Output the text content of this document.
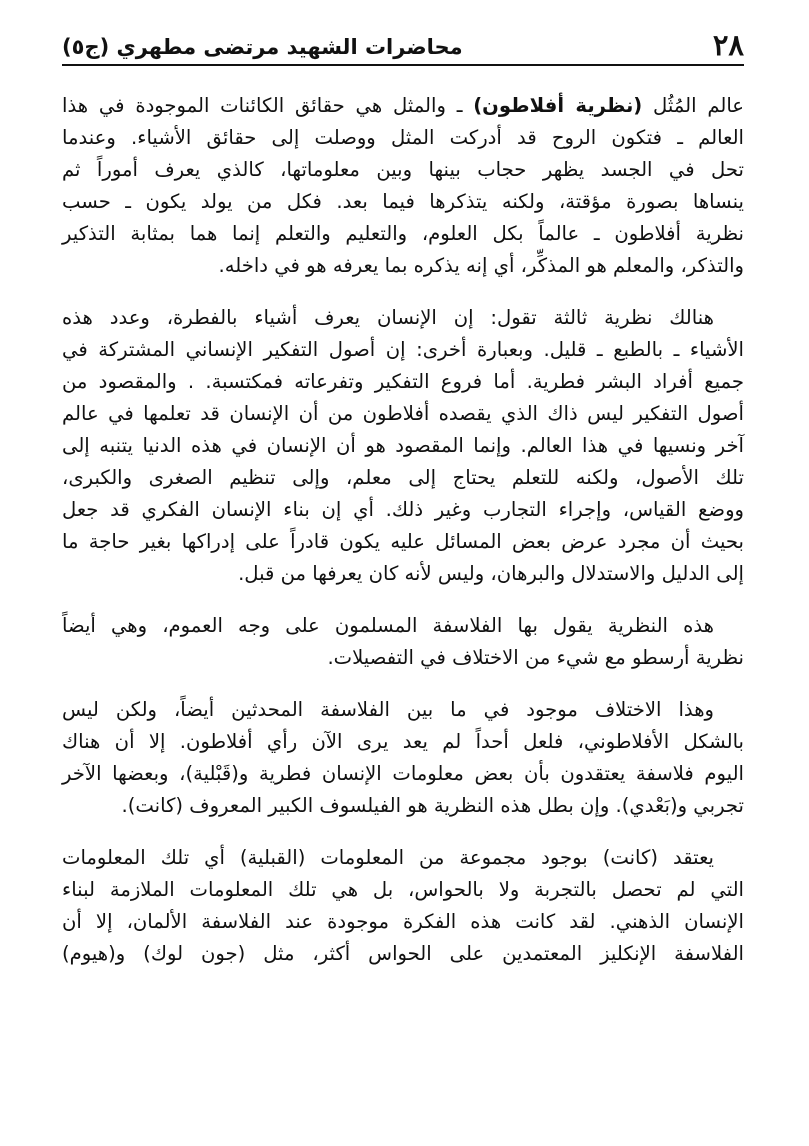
٢٨
محاضرات الشهيد مرتضى مطهري (ج٥)

عالم المُثُل (نظرية أفلاطون) ـ والمثل هي حقائق الكائنات الموجودة في هذا
العالم ـ فتكون الروح قد أدركت المثل ووصلت إلى حقائق الأشياء. وعندما
تحل في الجسد يظهر حجاب بينها وبين معلوماتها، كالذي يعرف أموراً ثم
ينساها بصورة مؤقتة، ولكنه يتذكرها فيما بعد. فكل من يولد يكون ـ حسب
نظرية أفلاطون ـ عالماً بكل العلوم، والتعليم والتعلم إنما هما بمثابة التذكير
والتذكر، والمعلم هو المذكِّر، أي إنه يذكره بما يعرفه هو في داخله.

هنالك نظرية ثالثة تقول: إن الإنسان يعرف أشياء بالفطرة، وعدد هذه
الأشياء ـ بالطبع ـ قليل. وبعبارة أخرى: إن أصول التفكير الإنساني المشتركة في
جميع أفراد البشر فطرية. أما فروع التفكير وتفرعاته فمكتسبة. . والمقصود من
أصول التفكير ليس ذاك الذي يقصده أفلاطون من أن الإنسان قد تعلمها في عالم
آخر ونسيها في هذا العالم. وإنما المقصود هو أن الإنسان في هذه الدنيا يتنبه إلى
تلك الأصول، ولكنه للتعلم يحتاج إلى معلم، وإلى تنظيم الصغرى والكبرى،
ووضع القياس، وإجراء التجارب وغير ذلك. أي إن بناء الإنسان الفكري قد جعل
بحيث أن مجرد عرض بعض المسائل عليه يكون قادراً على إدراكها بغير حاجة ما
إلى الدليل والاستدلال والبرهان، وليس لأنه كان يعرفها من قبل.

هذه النظرية يقول بها الفلاسفة المسلمون على وجه العموم، وهي أيضاً
نظرية أرسطو مع شيء من الاختلاف في التفصيلات.

وهذا الاختلاف موجود في ما بين الفلاسفة المحدثين أيضاً، ولكن ليس
بالشكل الأفلاطوني، فلعل أحداً لم يعد يرى الآن رأي أفلاطون. إلا أن هناك
اليوم فلاسفة يعتقدون بأن بعض معلومات الإنسان فطرية و(قَبْلية)، وبعضها الآخر
تجربي و(بَعْدي). وإن بطل هذه النظرية هو الفيلسوف الكبير المعروف (كانت).

يعتقد (كانت) بوجود مجموعة من المعلومات (القبلية) أي تلك المعلومات
التي لم تحصل بالتجربة ولا بالحواس، بل هي تلك المعلومات الملازمة لبناء
الإنسان الذهني. لقد كانت هذه الفكرة موجودة عند الفلاسفة الألمان، إلا أن
الفلاسفة الإنكليز المعتمدين على الحواس أكثر، مثل (جون لوك) و(هيوم)
